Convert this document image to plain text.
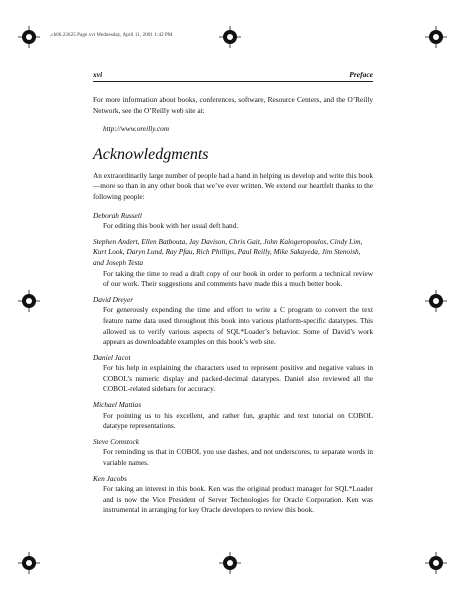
,ch00.23625 Page xvi Wednesday, April 11, 2001 1:42 PM
xvi	Preface

For more information about books, conferences, software, Resource Centers, and the O’Reilly Network, see the O’Reilly web site at:

http://www.oreilly.com

Acknowledgments

An extraordinarily large number of people had a hand in helping us develop and write this book—more so than in any other book that we’ve ever written. We extend our heartfelt thanks to the following people:

Deborah Russell

For editing this book with her usual deft hand.

Stephen Andert, Ellen Batbouta, Jay Davison, Chris Gait, John Kalogeropoulos, Cindy Lim, Kurt Look, Daryn Lund, Ray Pfau, Rich Phillips, Paul Reilly, Mike Sakayeda, Jim Stenoish, and Joseph Testa

For taking the time to read a draft copy of our book in order to perform a technical review of our work. Their suggestions and comments have made this a much better book.

David Dreyer

For generously expending the time and effort to write a C program to convert the text feature name data used throughout this book into various platform-specific datatypes. This allowed us to verify various aspects of SQL*Loader’s behavior. Some of David’s work appears as downloadable examples on this book’s web site.

Daniel Jacot

For his help in explaining the characters used to represent positive and negative values in COBOL’s numeric display and packed-decimal datatypes. Daniel also reviewed all the COBOL-related sidebars for accuracy.

Michael Mattias

For pointing us to his excellent, and rather fun, graphic and text tutorial on COBOL datatype representations.

Steve Comstock

For reminding us that in COBOL you use dashes, and not underscores, to separate words in variable names.

Ken Jacobs

For taking an interest in this book. Ken was the original product manager for SQL*Loader and is now the Vice President of Server Technologies for Oracle Corporation. Ken was instrumental in arranging for key Oracle developers to review this book.
